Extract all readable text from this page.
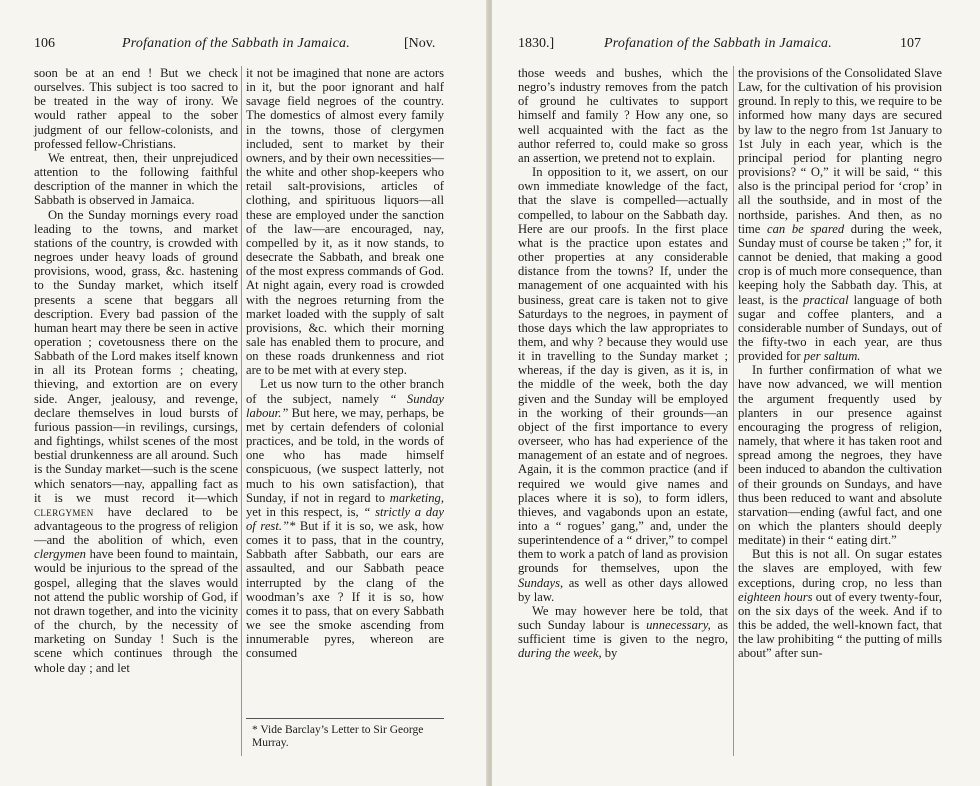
106	Profanation of the Sabbath in Jamaica.	[Nov.

soon be at an end ! But we check ourselves. This subject is too sacred to be treated in the way of irony. We would rather appeal to the sober judgment of our fellow-colonists, and professed fellow-Christians.

We entreat, then, their unprejudiced attention to the following faithful description of the manner in which the Sabbath is observed in Jamaica.

On the Sunday mornings every road leading to the towns, and market stations of the country, is crowded with negroes under heavy loads of ground provisions, wood, grass, &c. hastening to the Sunday market, which itself presents a scene that beggars all description. Every bad passion of the human heart may there be seen in active operation ; covetousness there on the Sabbath of the Lord makes itself known in all its Protean forms ; cheating, thieving, and extortion are on every side. Anger, jealousy, and revenge, declare themselves in loud bursts of furious passion—in revilings, cursings, and fightings, whilst scenes of the most bestial drunkenness are all around. Such is the Sunday market—such is the scene which senators—nay, appalling fact as it is we must record it—which clergymen have declared to be advantageous to the progress of religion—and the abolition of which, even clergymen have been found to maintain, would be injurious to the spread of the gospel, alleging that the slaves would not attend the public worship of God, if not drawn together, and into the vicinity of the church, by the necessity of marketing on Sunday ! Such is the scene which continues through the whole day ; and let

it not be imagined that none are actors in it, but the poor ignorant and half savage field negroes of the country. The domestics of almost every family in the towns, those of clergymen included, sent to market by their owners, and by their own necessities—the white and other shop-keepers who retail salt-provisions, articles of clothing, and spirituous liquors—all these are employed under the sanction of the law—are encouraged, nay, compelled by it, as it now stands, to desecrate the Sabbath, and break one of the most express commands of God. At night again, every road is crowded with the negroes returning from the market loaded with the supply of salt provisions, &c. which their morning sale has enabled them to procure, and on these roads drunkenness and riot are to be met with at every step.

Let us now turn to the other branch of the subject, namely “ Sunday labour.” But here, we may, perhaps, be met by certain defenders of colonial practices, and be told, in the words of one who has made himself conspicuous, (we suspect latterly, not much to his own satisfaction), that Sunday, if not in regard to marketing, yet in this respect, is, “ strictly a day of rest.”* But if it is so, we ask, how comes it to pass, that in the country, Sabbath after Sabbath, our ears are assaulted, and our Sabbath peace interrupted by the clang of the woodman’s axe ? If it is so, how comes it to pass, that on every Sabbath we see the smoke ascending from innumerable pyres, whereon are consumed

* Vide Barclay’s Letter to Sir George Murray.
1830.]	Profanation of the Sabbath in Jamaica.	107

those weeds and bushes, which the negro’s industry removes from the patch of ground he cultivates to support himself and family ? How any one, so well acquainted with the fact as the author referred to, could make so gross an assertion, we pretend not to explain.

In opposition to it, we assert, on our own immediate knowledge of the fact, that the slave is compelled—actually compelled, to labour on the Sabbath day. Here are our proofs. In the first place what is the practice upon estates and other properties at any considerable distance from the towns? If, under the management of one acquainted with his business, great care is taken not to give Saturdays to the negroes, in payment of those days which the law appropriates to them, and why ? because they would use it in travelling to the Sunday market ; whereas, if the day is given, as it is, in the middle of the week, both the day given and the Sunday will be employed in the working of their grounds—an object of the first importance to every overseer, who has had experience of the management of an estate and of negroes. Again, it is the common practice (and if required we would give names and places where it is so), to form idlers, thieves, and vagabonds upon an estate, into a “ rogues’ gang,” and, under the superintendence of a “ driver,” to compel them to work a patch of land as provision grounds for themselves, upon the Sundays, as well as other days allowed by law.

We may however here be told, that such Sunday labour is unnecessary, as sufficient time is given to the negro, during the week, by

the provisions of the Consolidated Slave Law, for the cultivation of his provision ground. In reply to this, we require to be informed how many days are secured by law to the negro from 1st January to 1st July in each year, which is the principal period for planting negro provisions? “ O,” it will be said, “ this also is the principal period for ‘crop’ in all the southside, and in most of the northside, parishes. And then, as no time can be spared during the week, Sunday must of course be taken ;” for, it cannot be denied, that making a good crop is of much more consequence, than keeping holy the Sabbath day. This, at least, is the practical language of both sugar and coffee planters, and a considerable number of Sundays, out of the fifty-two in each year, are thus provided for per saltum.

In further confirmation of what we have now advanced, we will mention the argument frequently used by planters in our presence against encouraging the progress of religion, namely, that where it has taken root and spread among the negroes, they have been induced to abandon the cultivation of their grounds on Sundays, and have thus been reduced to want and absolute starvation—ending (awful fact, and one on which the planters should deeply meditate) in their “ eating dirt.”

But this is not all. On sugar estates the slaves are employed, with few exceptions, during crop, no less than eighteen hours out of every twenty-four, on the six days of the week. And if to this be added, the well-known fact, that the law prohibiting “ the putting of mills about” after sun-
